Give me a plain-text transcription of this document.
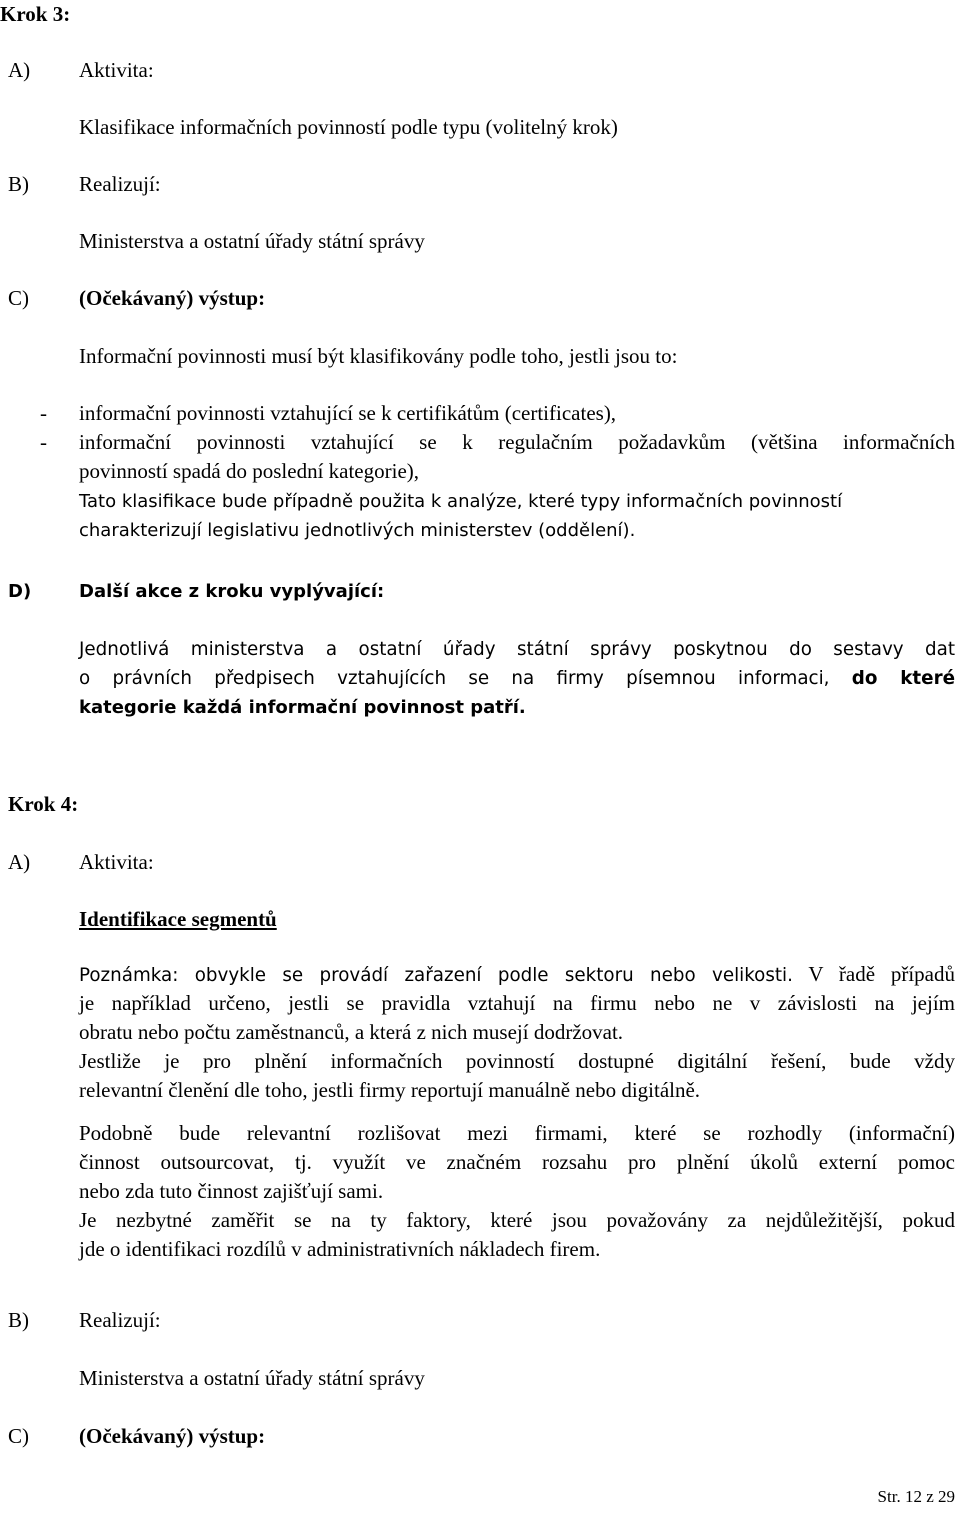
Krok 3:
A) Aktivita:
Klasifikace informačních povinností podle typu (volitelný krok)
B) Realizují:
Ministerstva a ostatní úřady státní správy
C) (Očekávaný) výstup:
Informační povinnosti musí být klasifikovány podle toho, jestli jsou to:
- informační povinnosti vztahující se k certifikátům (certificates),
- informační povinnosti vztahující se k regulačním požadavkům (většina informačních
povinností spadá do poslední kategorie),
Tato klasifikace bude případně použita k analýze, které typy informačních povinností
charakterizují legislativu jednotlivých ministerstev (oddělení).
D)	Další akce z kroku vyplývající:
Jednotlivá ministerstva a ostatní úřady státní správy poskytnou do sestavy dat
o právních předpisech vztahujících se na firmy písemnou informaci, do které
kategorie každá informační povinnost patří.
Krok 4:
A) Aktivita:
Identifikace segmentů
Poznámka: obvykle se provádí zařazení podle sektoru nebo velikosti. V řadě případů
je například určeno, jestli se pravidla vztahují na firmu nebo ne v závislosti na jejím
obratu nebo počtu zaměstnanců, a která z nich musejí dodržovat.
Jestliže je pro plnění informačních povinností dostupné digitální řešení, bude vždy
relevantní členění dle toho, jestli firmy reportují manuálně nebo digitálně.
Podobně bude relevantní rozlišovat mezi firmami, které se rozhodly (informační)
činnost outsourcovat, tj. využít ve značném rozsahu pro plnění úkolů externí pomoc
nebo zda tuto činnost zajišťují sami.
Je nezbytné zaměřit se na ty faktory, které jsou považovány za nejdůležitější, pokud
jde o identifikaci rozdílů v administrativních nákladech firem.
B) Realizují:
Ministerstva a ostatní úřady státní správy
C) (Očekávaný) výstup:
Str. 12 z 29
